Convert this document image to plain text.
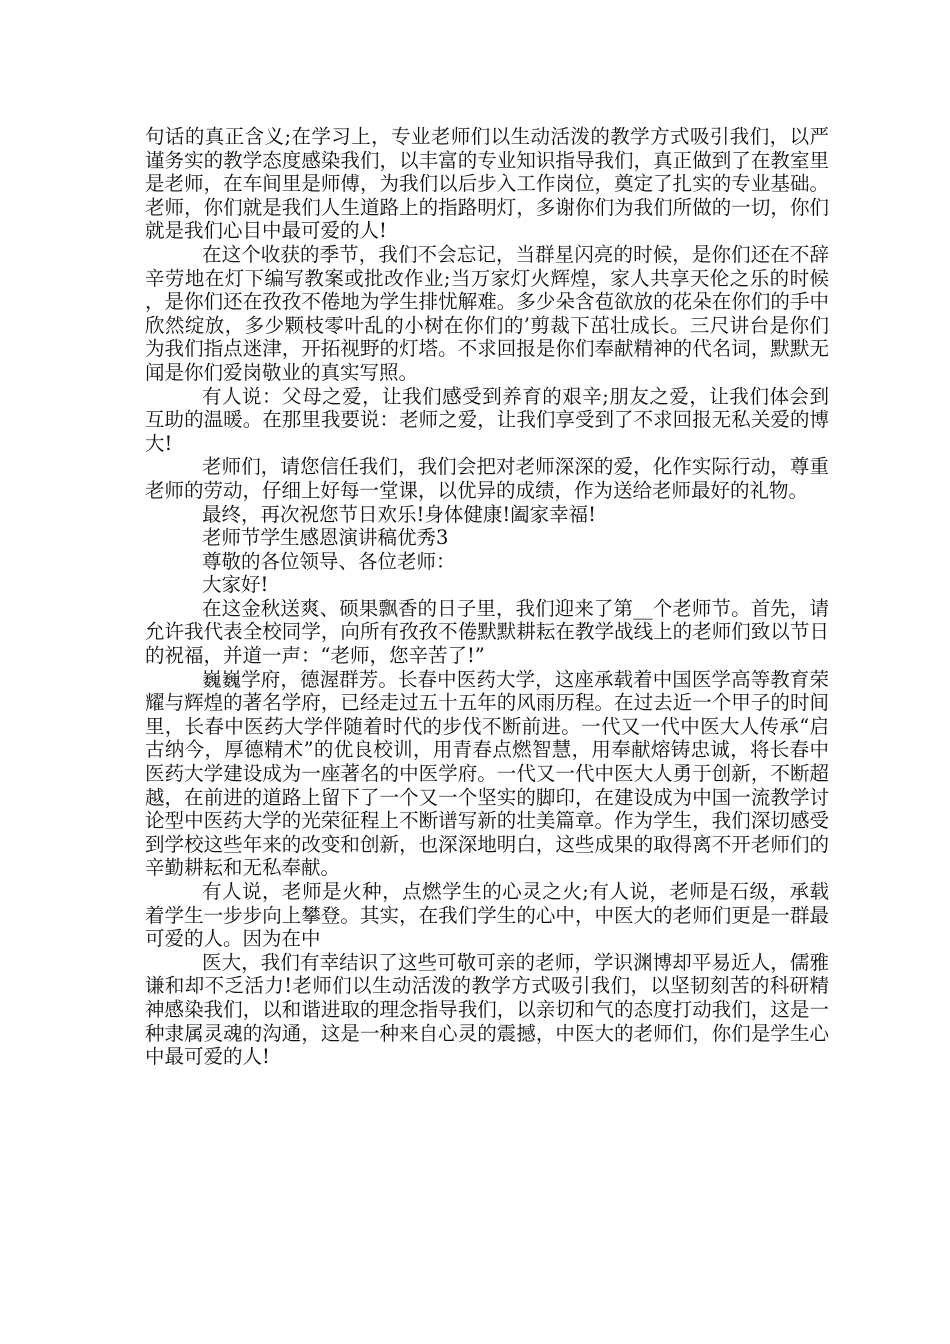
句话的真正含义;在学习上，专业老师们以生动活泼的教学方式吸引我们，以严谨务实的教学态度感染我们，以丰富的专业知识指导我们，真正做到了在教室里是老师，在车间里是师傅，为我们以后步入工作岗位，奠定了扎实的专业基础。老师，你们就是我们人生道路上的指路明灯，多谢你们为我们所做的一切，你们就是我们心目中最可爱的人!

在这个收获的季节，我们不会忘记，当群星闪亮的时候，是你们还在不辞辛劳地在灯下编写教案或批改作业;当万家灯火辉煌，家人共享天伦之乐的时候，是你们还在孜孜不倦地为学生排忧解难。多少朵含苞欲放的花朵在你们的手中欣然绽放，多少颗枝零叶乱的小树在你们的’剪裁下茁壮成长。三尺讲台是你们为我们指点迷津，开拓视野的灯塔。不求回报是你们奉献精神的代名词，默默无闻是你们爱岗敬业的真实写照。

有人说：父母之爱，让我们感受到养育的艰辛;朋友之爱，让我们体会到互助的温暖。在那里我要说：老师之爱，让我们享受到了不求回报无私关爱的博大!

老师们，请您信任我们，我们会把对老师深深的爱，化作实际行动，尊重老师的劳动，仔细上好每一堂课，以优异的成绩，作为送给老师最好的礼物。

最终，再次祝您节日欢乐!身体健康!阖家幸福!

老师节学生感恩演讲稿优秀3

尊敬的各位领导、各位老师：

大家好!

在这金秋送爽、硕果飘香的日子里，我们迎来了第__个老师节。首先，请允许我代表全校同学，向所有孜孜不倦默默耕耘在教学战线上的老师们致以节日的祝福，并道一声：“老师，您辛苦了!”

巍巍学府，德渥群芳。长春中医药大学，这座承载着中国医学高等教育荣耀与辉煌的著名学府，已经走过五十五年的风雨历程。在过去近一个甲子的时间里，长春中医药大学伴随着时代的步伐不断前进。一代又一代中医大人传承“启古纳今，厚德精术”的优良校训，用青春点燃智慧，用奉献熔铸忠诚，将长春中医药大学建设成为一座著名的中医学府。一代又一代中医大人勇于创新，不断超越，在前进的道路上留下了一个又一个坚实的脚印，在建设成为中国一流教学讨论型中医药大学的光荣征程上不断谱写新的壮美篇章。作为学生，我们深切感受到学校这些年来的改变和创新，也深深地明白，这些成果的取得离不开老师们的辛勤耕耘和无私奉献。

有人说，老师是火种，点燃学生的心灵之火;有人说，老师是石级，承载着学生一步步向上攀登。其实，在我们学生的心中，中医大的老师们更是一群最可爱的人。因为在中

医大，我们有幸结识了这些可敬可亲的老师，学识渊博却平易近人，儒雅谦和却不乏活力!老师们以生动活泼的教学方式吸引我们，以坚韧刻苦的科研精神感染我们，以和谐进取的理念指导我们，以亲切和气的态度打动我们，这是一种隶属灵魂的沟通，这是一种来自心灵的震撼，中医大的老师们，你们是学生心中最可爱的人!
